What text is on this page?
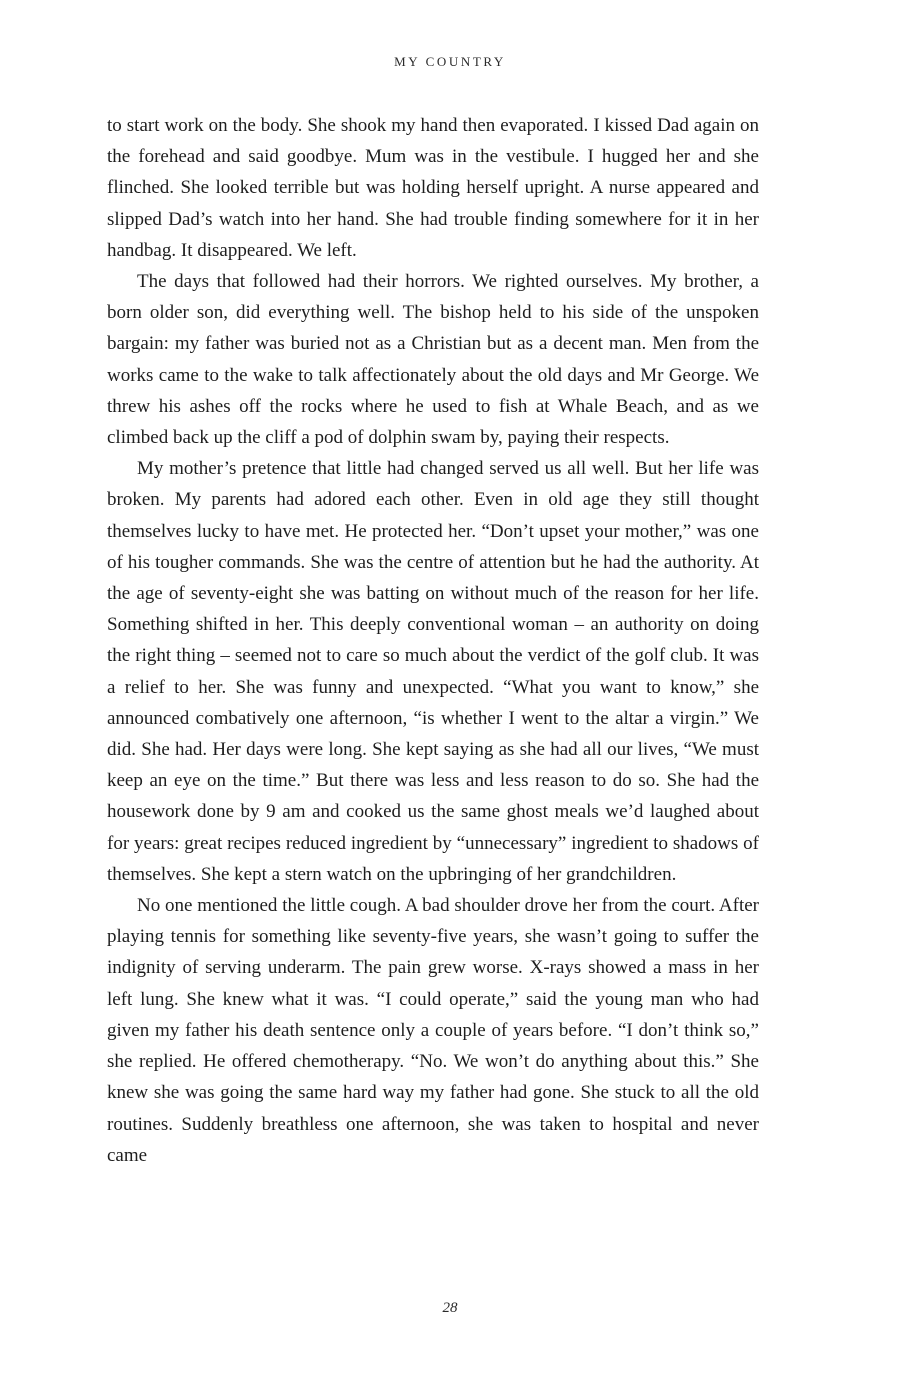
MY COUNTRY

to start work on the body. She shook my hand then evaporated. I kissed Dad again on the forehead and said goodbye. Mum was in the vestibule. I hugged her and she flinched. She looked terrible but was holding herself upright. A nurse appeared and slipped Dad’s watch into her hand. She had trouble finding somewhere for it in her handbag. It disappeared. We left.

The days that followed had their horrors. We righted ourselves. My brother, a born older son, did everything well. The bishop held to his side of the unspoken bargain: my father was buried not as a Christian but as a decent man. Men from the works came to the wake to talk affectionately about the old days and Mr George. We threw his ashes off the rocks where he used to fish at Whale Beach, and as we climbed back up the cliff a pod of dolphin swam by, paying their respects.

My mother’s pretence that little had changed served us all well. But her life was broken. My parents had adored each other. Even in old age they still thought themselves lucky to have met. He protected her. “Don’t upset your mother,” was one of his tougher commands. She was the centre of attention but he had the authority. At the age of seventy-eight she was batting on without much of the reason for her life. Something shifted in her. This deeply conventional woman – an authority on doing the right thing – seemed not to care so much about the verdict of the golf club. It was a relief to her. She was funny and unexpected. “What you want to know,” she announced combatively one afternoon, “is whether I went to the altar a virgin.” We did. She had. Her days were long. She kept saying as she had all our lives, “We must keep an eye on the time.” But there was less and less reason to do so. She had the housework done by 9 am and cooked us the same ghost meals we’d laughed about for years: great recipes reduced ingredient by “unnecessary” ingredient to shadows of themselves. She kept a stern watch on the upbringing of her grandchildren.

No one mentioned the little cough. A bad shoulder drove her from the court. After playing tennis for something like seventy-five years, she wasn’t going to suffer the indignity of serving underarm. The pain grew worse. X-rays showed a mass in her left lung. She knew what it was. “I could operate,” said the young man who had given my father his death sentence only a couple of years before. “I don’t think so,” she replied. He offered chemotherapy. “No. We won’t do anything about this.” She knew she was going the same hard way my father had gone. She stuck to all the old routines. Suddenly breathless one afternoon, she was taken to hospital and never came

28
